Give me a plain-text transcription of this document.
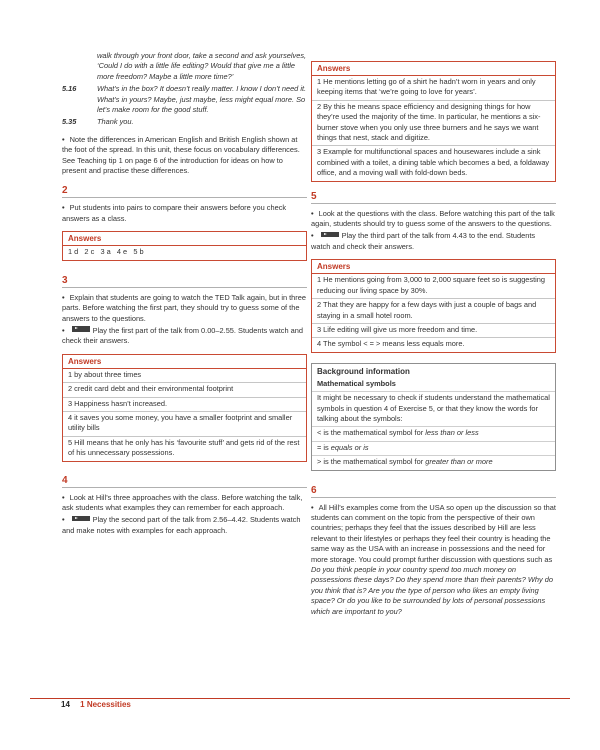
walk through your front door, take a second and ask yourselves, ‘Could I do with a little life editing? Would that give me a little more freedom? Maybe a little more time?’

5.16	What’s in the box? It doesn’t really matter. I know I don’t need it. What’s in yours? Maybe, just maybe, less might equal more. So let’s make room for the good stuff.

5.35	Thank you.

• Note the differences in American English and British English shown at the foot of the spread. In this unit, these focus on vocabulary differences. See Teaching tip 1 on page 6 of the introduction for ideas on how to present and practise these differences.

2

• Put students into pairs to compare their answers before you check answers as a class.

Answers
1 d   2 c   3 a   4 e   5 b
3

• Explain that students are going to watch the TED Talk again, but in three parts. Before watching the first part, they should try to guess some of the answers to the questions.

• Play the first part of the talk from 0.00–2.55. Students watch and check their answers.

Answers
1 by about three times
2 credit card debt and their environmental footprint
3 Happiness hasn’t increased.
4 it saves you some money, you have a smaller footprint and smaller utility bills
5 Hill means that he only has his ‘favourite stuff’ and gets rid of the rest of his unnecessary possessions.
4

• Look at Hill’s three approaches with the class. Before watching the talk, ask students what examples they can remember for each approach.

• Play the second part of the talk from 2.56–4.42. Students watch and make notes with examples for each approach.

Answers
1 He mentions letting go of a shirt he hadn’t worn in years and only keeping items that ‘we’re going to love for years’.
2 By this he means space efficiency and designing things for how they’re used the majority of the time. In particular, he mentions a six-burner stove when you only use three burners and he says we want things that nest, stack and digitize.
3 Example for multifunctional spaces and housewares include a sink combined with a toilet, a dining table which becomes a bed, a foldaway office, and a moving wall with fold-down beds.
5

• Look at the questions with the class. Before watching this part of the talk again, students should try to guess some of the answers to the questions.

• Play the third part of the talk from 4.43 to the end. Students watch and check their answers.

Answers
1 He mentions going from 3,000 to 2,000 square feet so is suggesting reducing our living space by 30%.
2 That they are happy for a few days with just a couple of bags and staying in a small hotel room.
3 Life editing will give us more freedom and time.
4 The symbol < = > means less equals more.
Background information
Mathematical symbols
It might be necessary to check if students understand the mathematical symbols in question 4 of Exercise 5, or that they know the words for talking about the symbols:
< is the mathematical symbol for less than or less
= is equals or is
> is the mathematical symbol for greater than or more
6

• All Hill’s examples come from the USA so open up the discussion so that students can comment on the topic from the perspective of their own countries; perhaps they feel that the issues described by Hill are less relevant to their lifestyles or perhaps they feel their country is heading the same way as the USA with an increase in possessions and the need for more storage. You could prompt further discussion with questions such as Do you think people in your country spend too much money on possessions these days? Do they spend more than their parents? Why do you think that is? Are you the type of person who likes an empty living space? Or do you like to be surrounded by lots of personal possessions which are important to you?

14 1 Necessities
